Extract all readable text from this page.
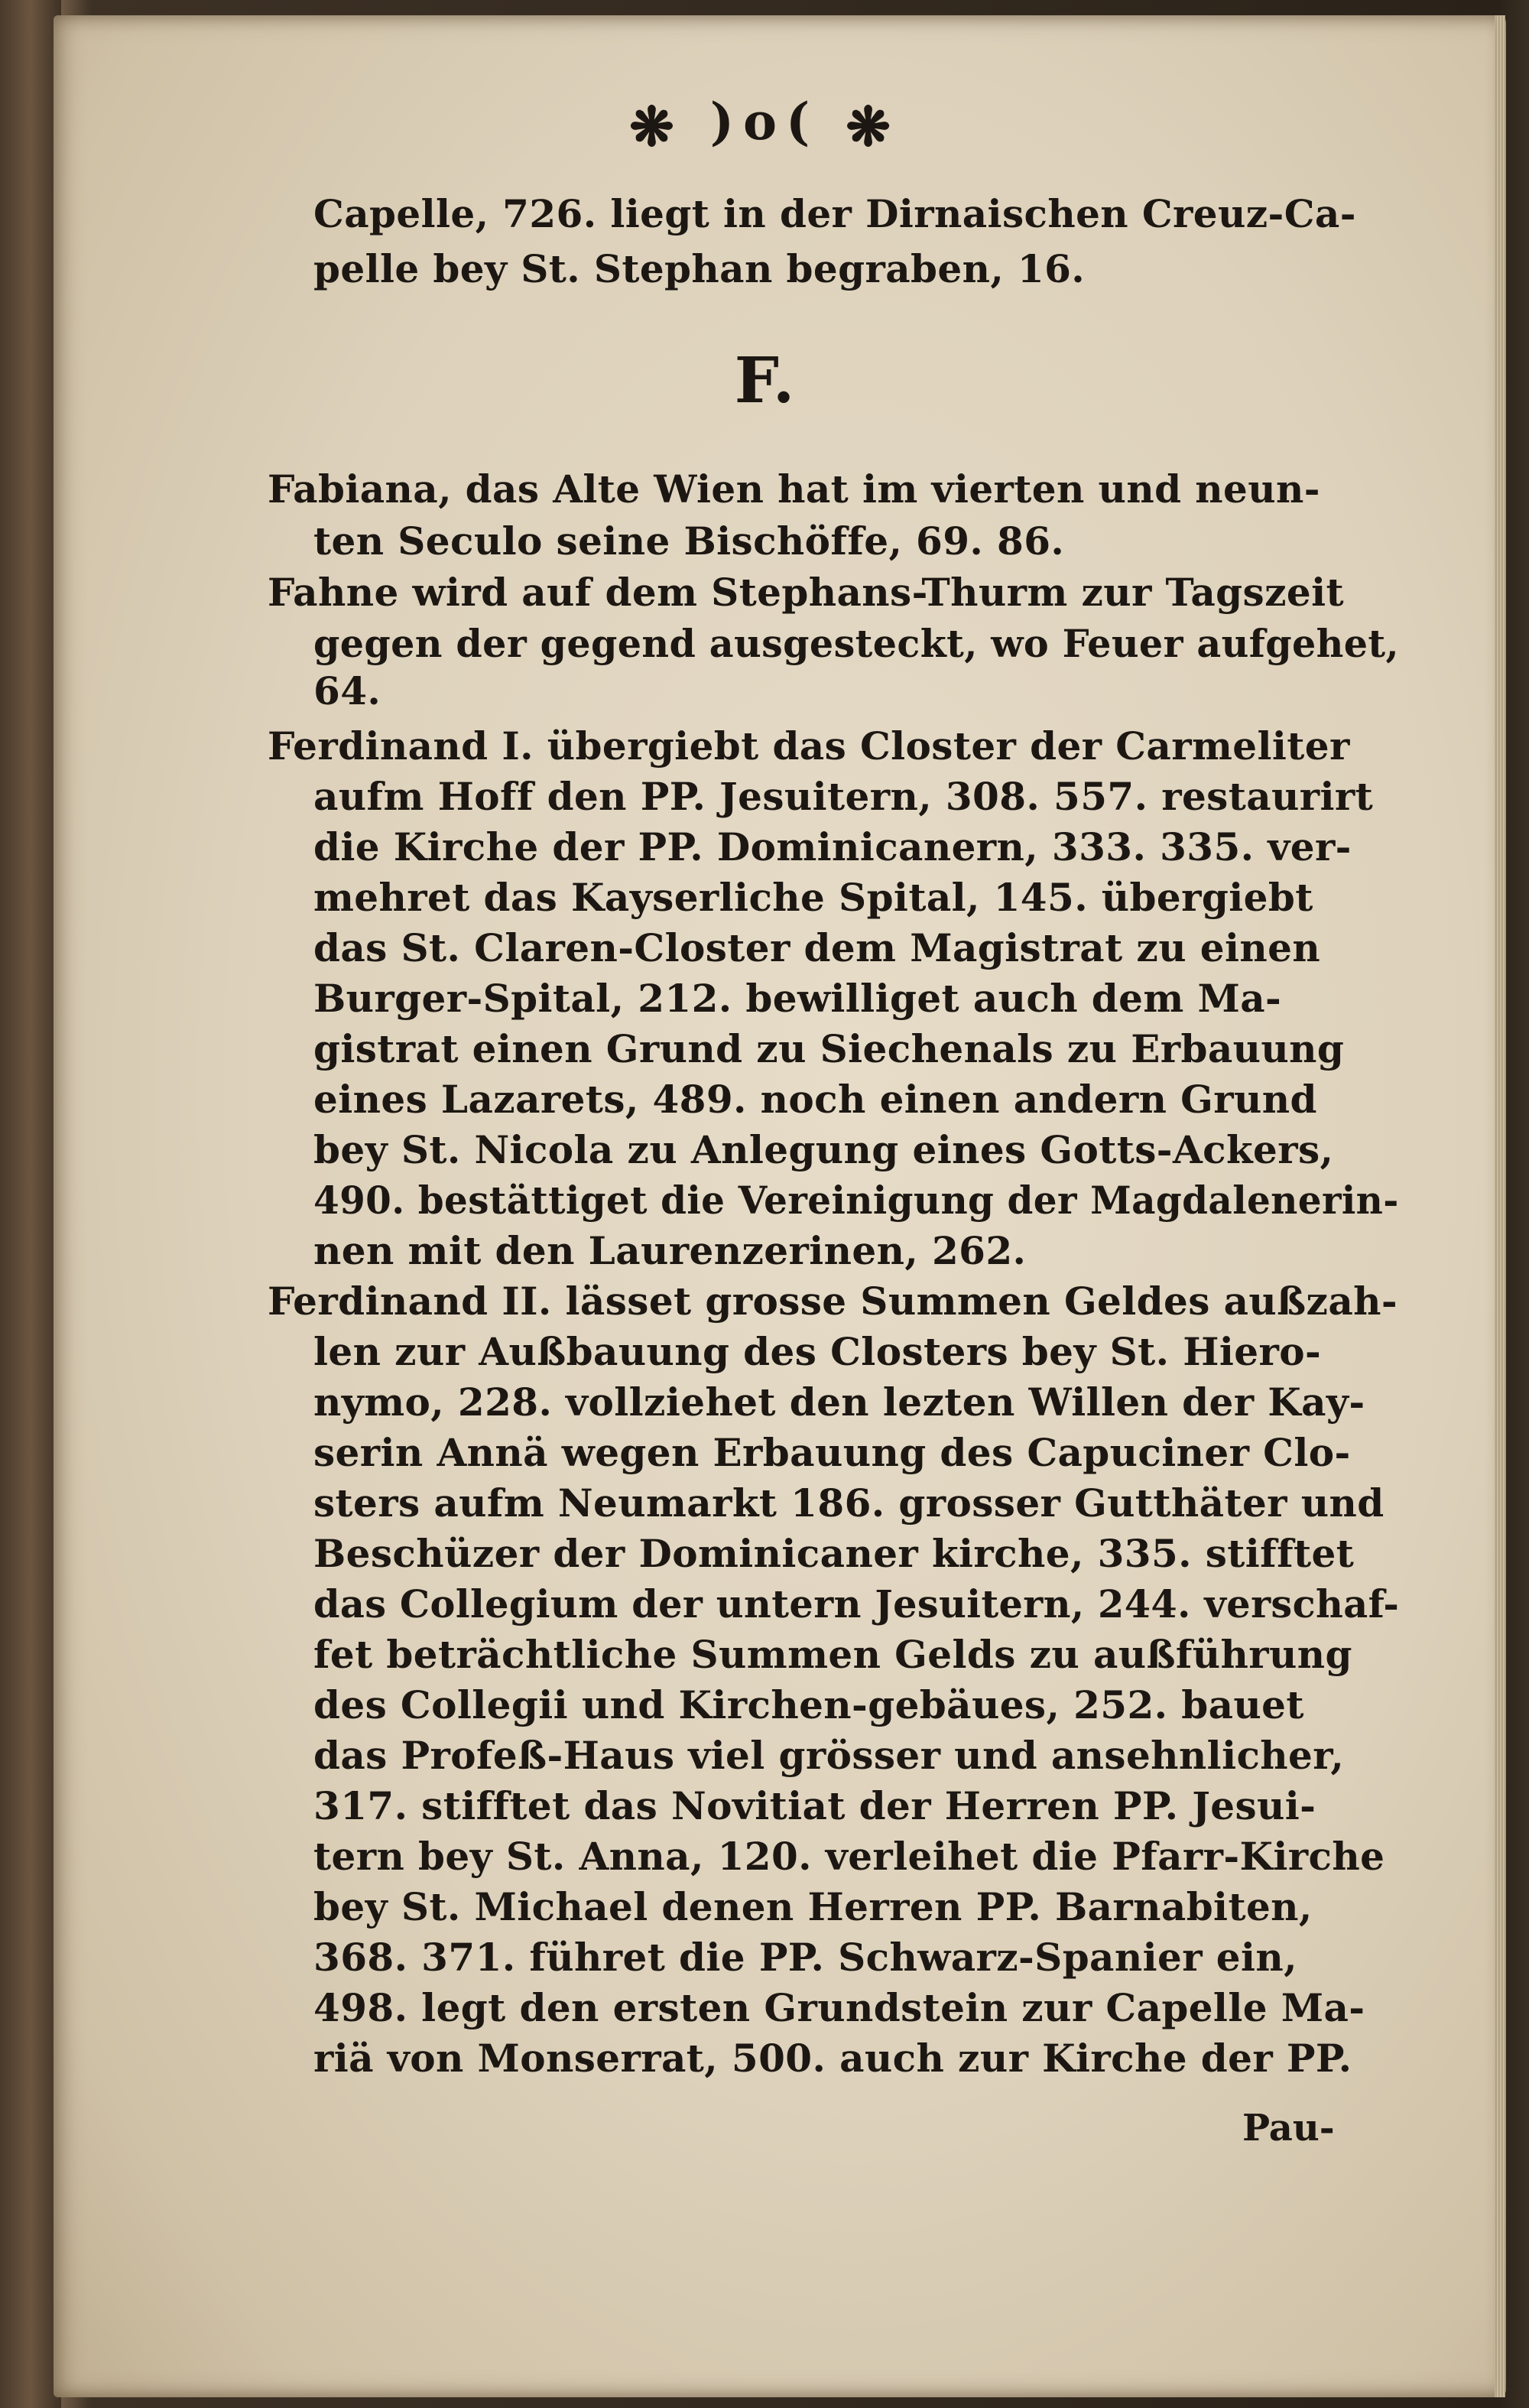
❋ )o( ❋
F.
Capelle, 726. liegt in der Dirnaischen Creuz-Ca-
pelle bey St. Stephan begraben, 16.
Fabiana, das Alte Wien hat im vierten und neun-
ten Seculo seine Bischöffe, 69. 86.
Fahne wird auf dem Stephans-Thurm zur Tagszeit
gegen der gegend ausgesteckt, wo Feuer aufgehet,
64.
Ferdinand I. übergiebt das Closter der Carmeliter
aufm Hoff den PP. Jesuitern, 308. 557. restaurirt
die Kirche der PP. Dominicanern, 333. 335. ver-
mehret das Kayserliche Spital, 145. übergiebt
das St. Claren-Closter dem Magistrat zu einen
Burger-Spital, 212. bewilliget auch dem Ma-
gistrat einen Grund zu Siechenals zu Erbauung
eines Lazarets, 489. noch einen andern Grund
bey St. Nicola zu Anlegung eines Gotts-Ackers,
490. bestättiget die Vereinigung der Magdalenerin-
nen mit den Laurenzerinen, 262.
Ferdinand II. lässet grosse Summen Geldes außzah-
len zur Außbauung des Closters bey St. Hiero-
nymo, 228. vollziehet den lezten Willen der Kay-
serin Annä wegen Erbauung des Capuciner Clo-
sters aufm Neumarkt 186. grosser Gutthäter und
Beschüzer der Dominicaner kirche, 335. stifftet
das Collegium der untern Jesuitern, 244. verschaf-
fet beträchtliche Summen Gelds zu außführung
des Collegii und Kirchen-gebäues, 252. bauet
das Profeß-Haus viel grösser und ansehnlicher,
317. stifftet das Novitiat der Herren PP. Jesui-
tern bey St. Anna, 120. verleihet die Pfarr-Kirche
bey St. Michael denen Herren PP. Barnabiten,
368. 371. führet die PP. Schwarz-Spanier ein,
498. legt den ersten Grundstein zur Capelle Ma-
riä von Monserrat, 500. auch zur Kirche der PP.
Pau-
